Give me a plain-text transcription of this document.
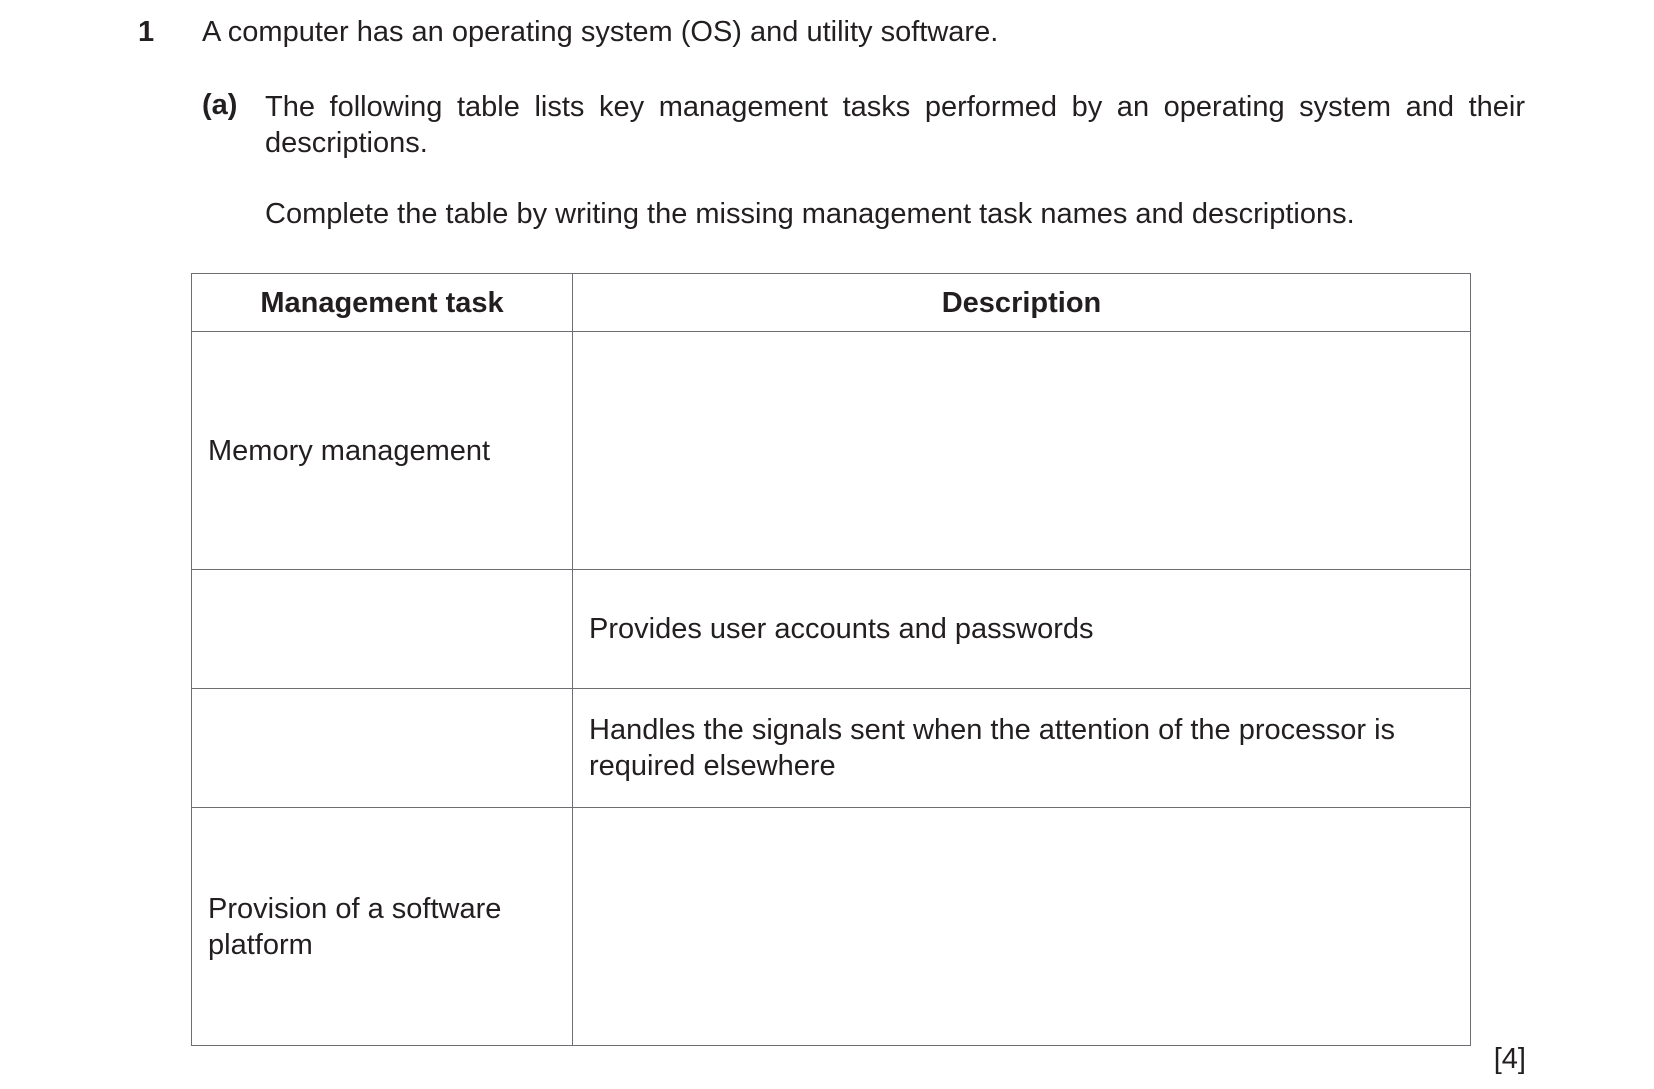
1 A computer has an operating system (OS) and utility software.
(a) The following table lists key management tasks performed by an operating system and their descriptions.
Complete the table by writing the missing management task names and descriptions.
Management task	Description
Memory management	
	Provides user accounts and passwords
	Handles the signals sent when the attention of the processor is required elsewhere
Provision of a software platform	
[4]
